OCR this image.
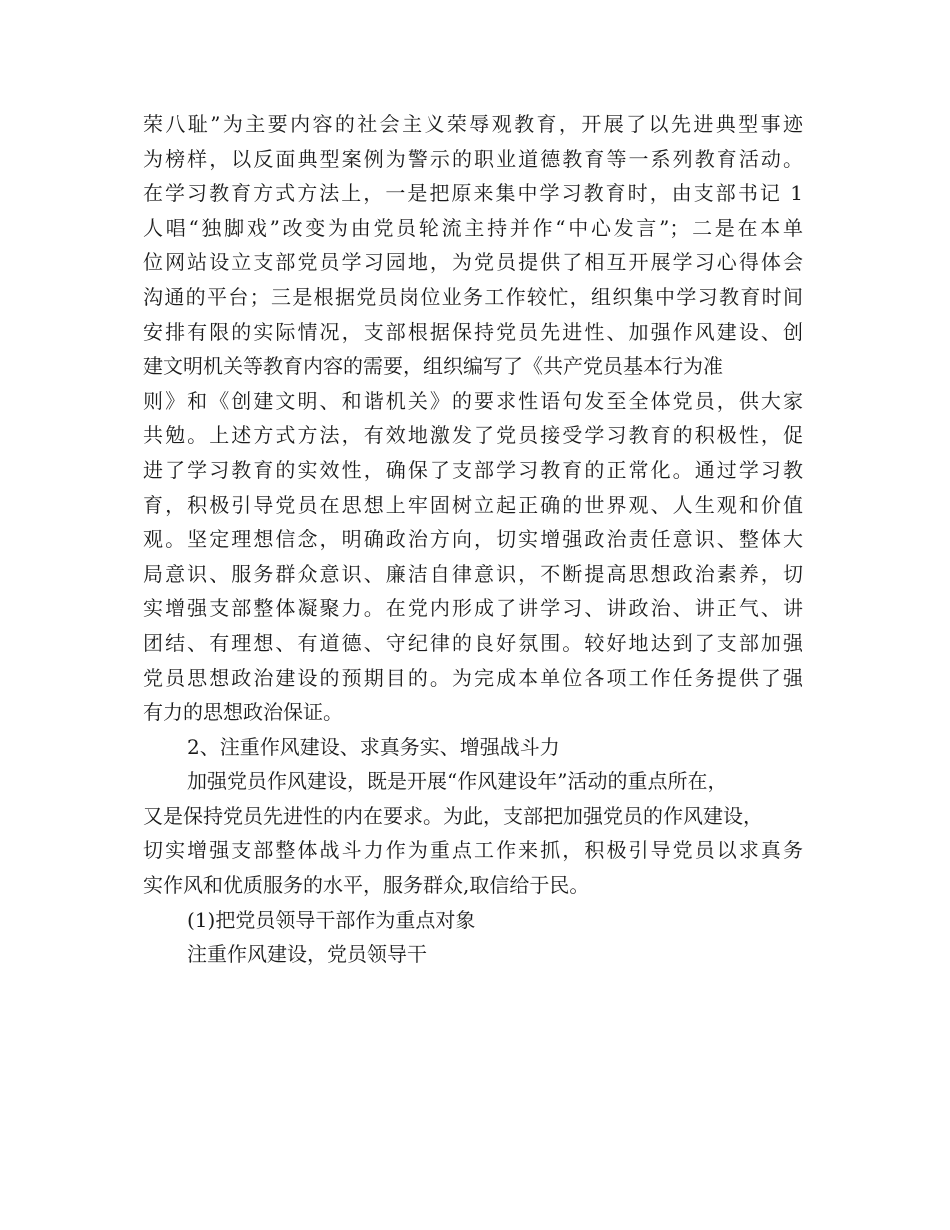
荣八耻”为主要内容的社会主义荣辱观教育，开展了以先进典型事迹
为榜样，以反面典型案例为警示的职业道德教育等一系列教育活动。
在学习教育方式方法上，一是把原来集中学习教育时，由支部书记 1
人唱“独脚戏”改变为由党员轮流主持并作“中心发言”；二是在本单
位网站设立支部党员学习园地，为党员提供了相互开展学习心得体会
沟通的平台；三是根据党员岗位业务工作较忙，组织集中学习教育时间
安排有限的实际情况，支部根据保持党员先进性、加强作风建设、创
建文明机关等教育内容的需要，组织编写了《共产党员基本行为准
则》和《创建文明、和谐机关》的要求性语句发至全体党员，供大家
共勉。上述方式方法，有效地激发了党员接受学习教育的积极性，促
进了学习教育的实效性，确保了支部学习教育的正常化。通过学习教
育，积极引导党员在思想上牢固树立起正确的世界观、人生观和价值
观。坚定理想信念，明确政治方向，切实增强政治责任意识、整体大
局意识、服务群众意识、廉洁自律意识，不断提高思想政治素养，切
实增强支部整体凝聚力。在党内形成了讲学习、讲政治、讲正气、讲
团结、有理想、有道德、守纪律的良好氛围。较好地达到了支部加强
党员思想政治建设的预期目的。为完成本单位各项工作任务提供了强
有力的思想政治保证。
2、注重作风建设、求真务实、增强战斗力
加强党员作风建设，既是开展“作风建设年”活动的重点所在，
又是保持党员先进性的内在要求。为此，支部把加强党员的作风建设，
切实增强支部整体战斗力作为重点工作来抓，积极引导党员以求真务
实作风和优质服务的水平，服务群众,取信给于民。
(1)把党员领导干部作为重点对象
注重作风建设，党员领导干
